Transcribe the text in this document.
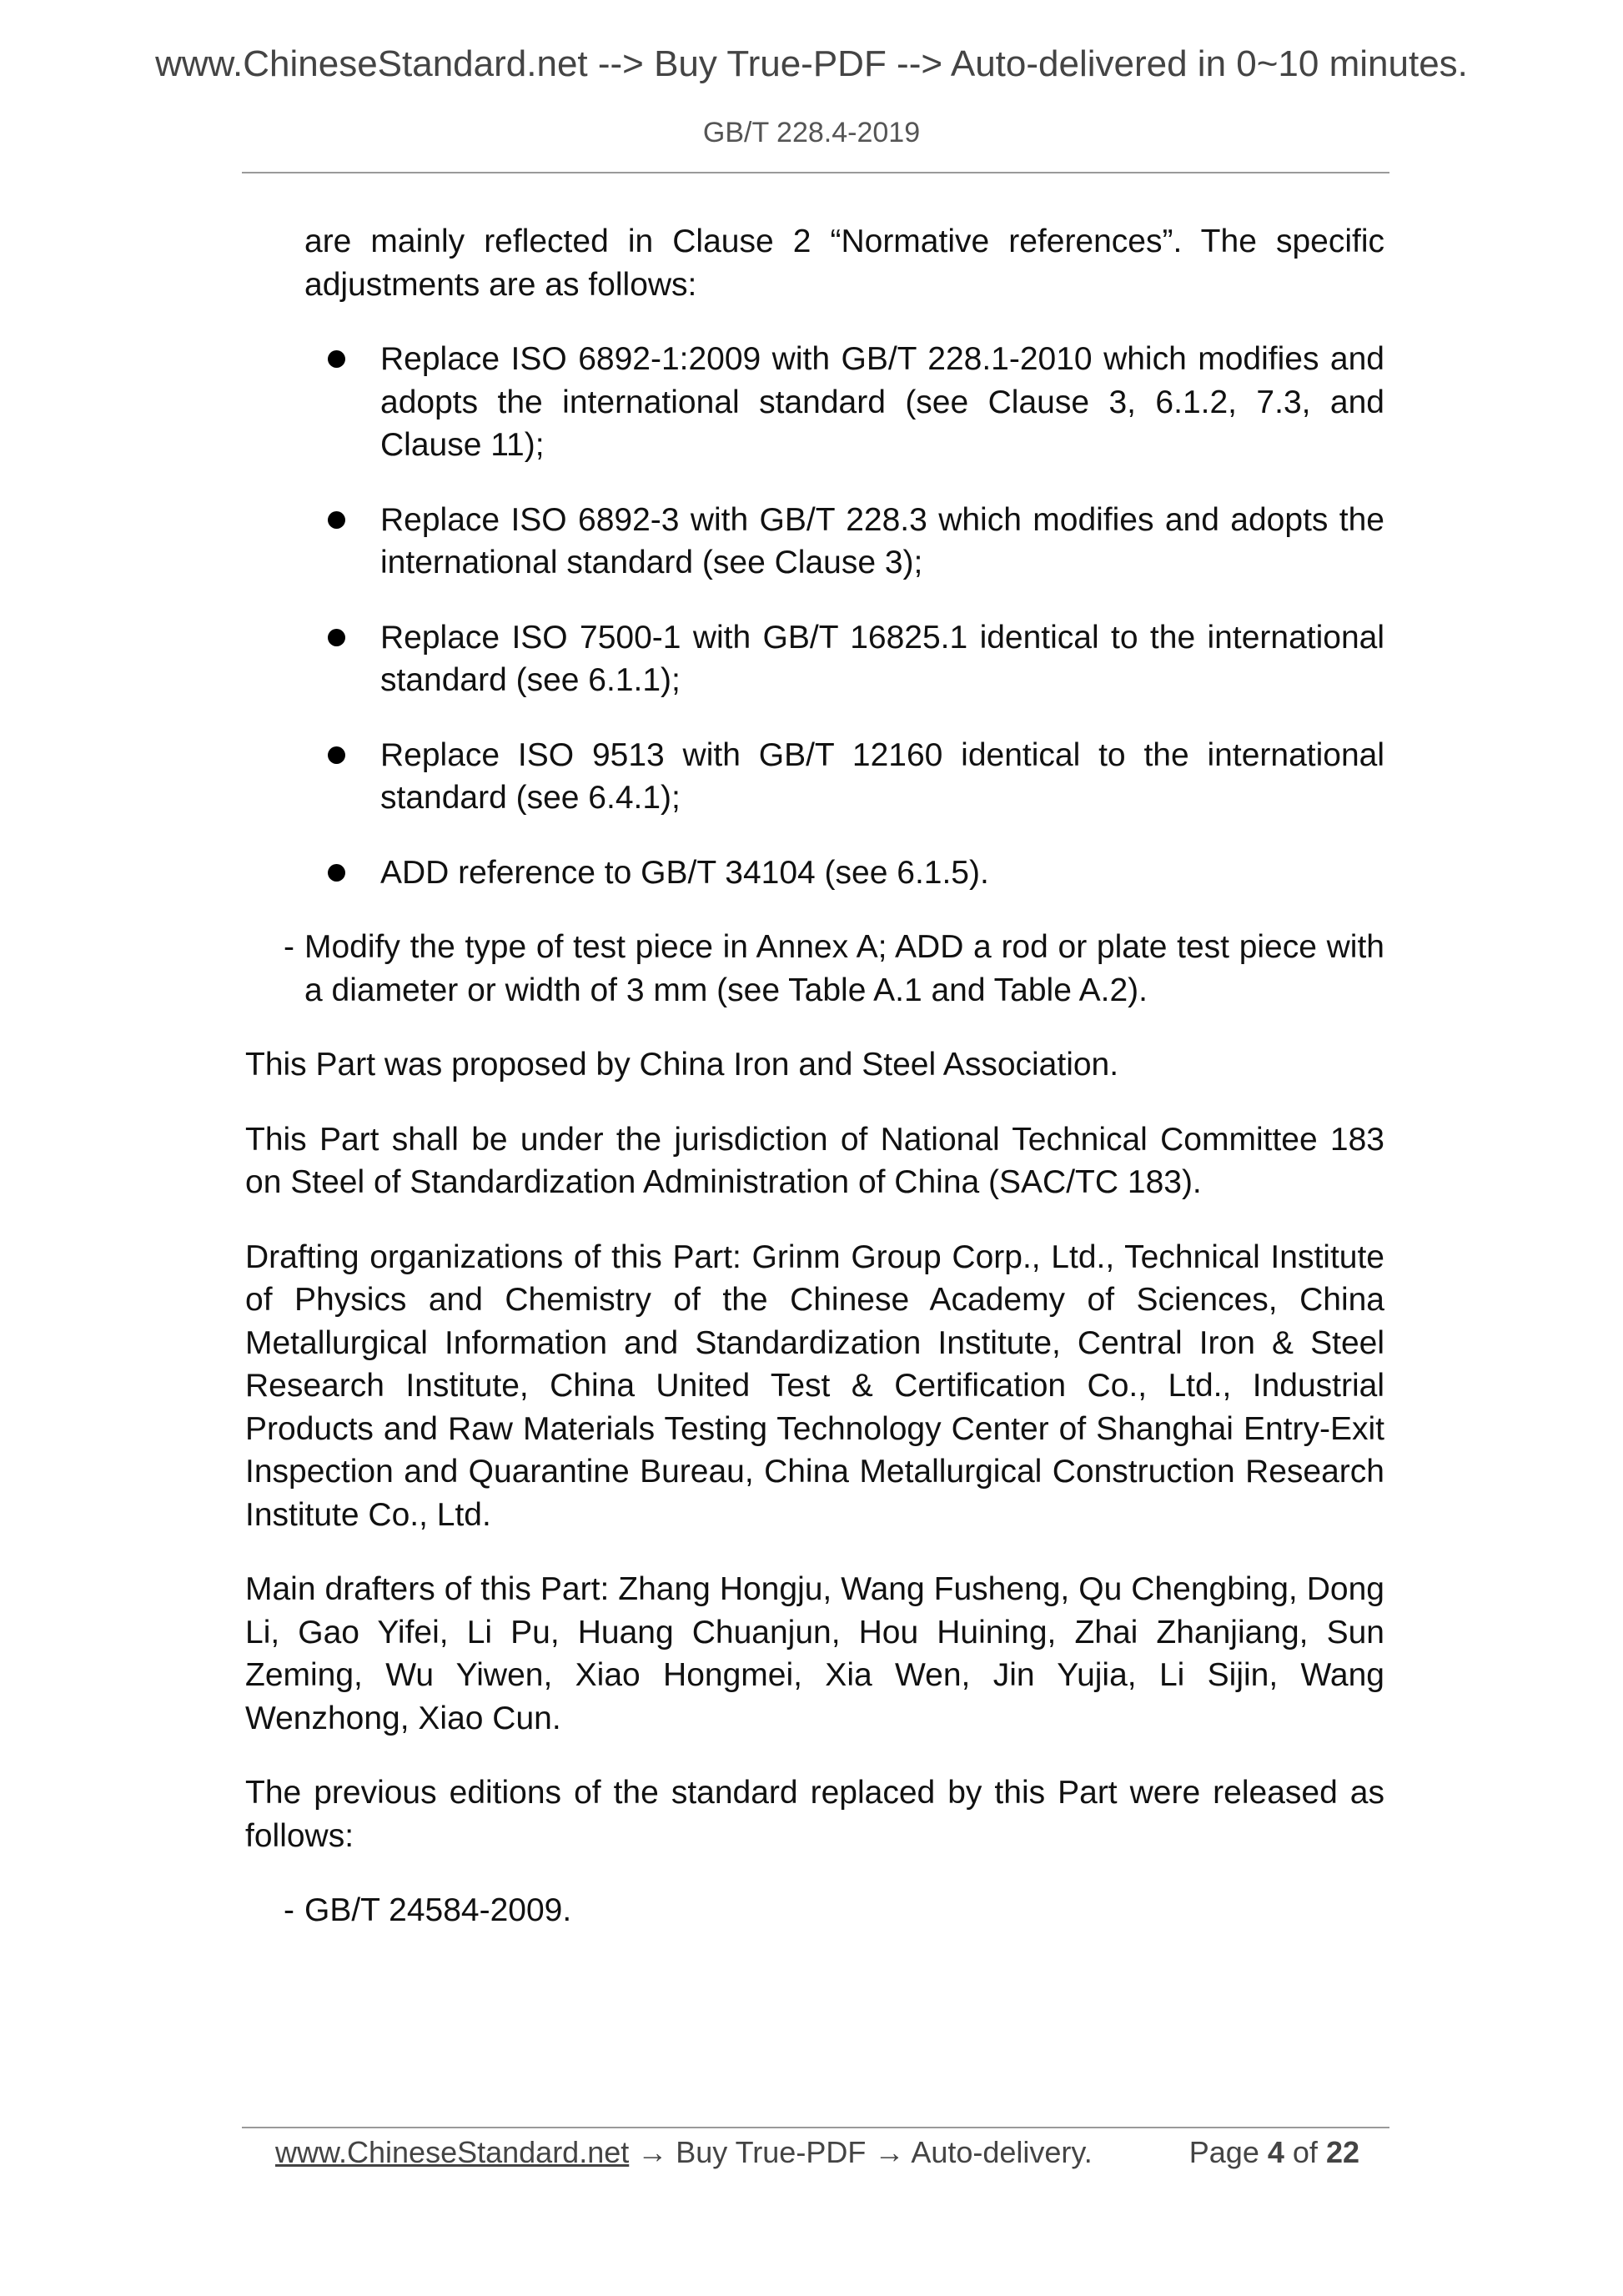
www.ChineseStandard.net --> Buy True-PDF --> Auto-delivered in 0~10 minutes.
GB/T 228.4-2019

are mainly reflected in Clause 2 “Normative references”. The specific adjustments are as follows:

Replace ISO 6892-1:2009 with GB/T 228.1-2010 which modifies and adopts the international standard (see Clause 3, 6.1.2, 7.3, and Clause 11);
Replace ISO 6892-3 with GB/T 228.3 which modifies and adopts the international standard (see Clause 3);
Replace ISO 7500-1 with GB/T 16825.1 identical to the international standard (see 6.1.1);
Replace ISO 9513 with GB/T 12160 identical to the international standard (see 6.4.1);
ADD reference to GB/T 34104 (see 6.1.5).

- Modify the type of test piece in Annex A; ADD a rod or plate test piece with a diameter or width of 3 mm (see Table A.1 and Table A.2).

This Part was proposed by China Iron and Steel Association.

This Part shall be under the jurisdiction of National Technical Committee 183 on Steel of Standardization Administration of China (SAC/TC 183).

Drafting organizations of this Part: Grinm Group Corp., Ltd., Technical Institute of Physics and Chemistry of the Chinese Academy of Sciences, China Metallurgical Information and Standardization Institute, Central Iron & Steel Research Institute, China United Test & Certification Co., Ltd., Industrial Products and Raw Materials Testing Technology Center of Shanghai Entry-Exit Inspection and Quarantine Bureau, China Metallurgical Construction Research Institute Co., Ltd.

Main drafters of this Part: Zhang Hongju, Wang Fusheng, Qu Chengbing, Dong Li, Gao Yifei, Li Pu, Huang Chuanjun, Hou Huining, Zhai Zhanjiang, Sun Zeming, Wu Yiwen, Xiao Hongmei, Xia Wen, Jin Yujia, Li Sijin, Wang Wenzhong, Xiao Cun.

The previous editions of the standard replaced by this Part were released as follows:

- GB/T 24584-2009.

www.ChineseStandard.net → Buy True-PDF → Auto-delivery.	Page 4 of 22
